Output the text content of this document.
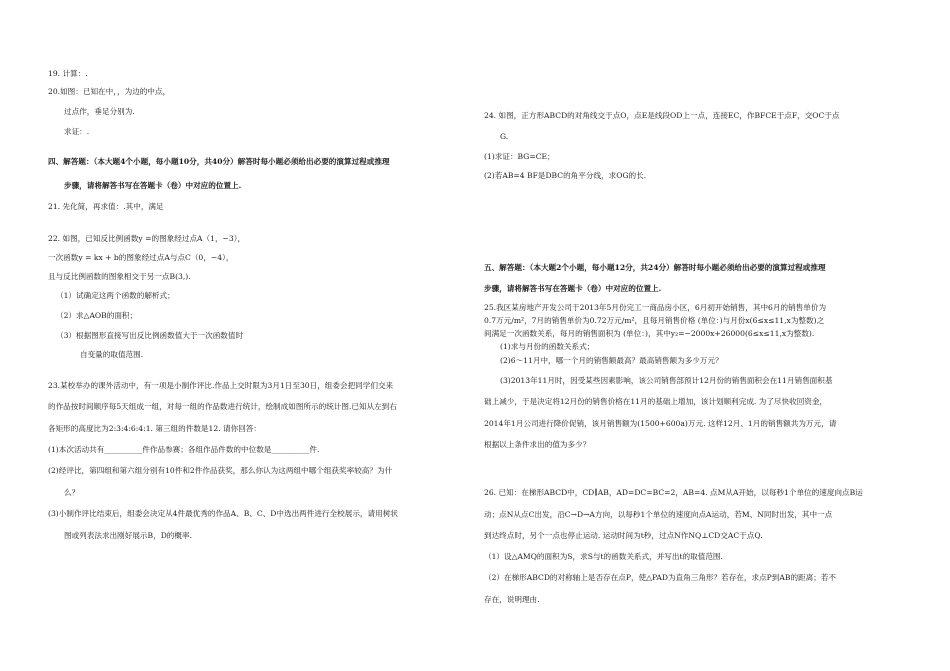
19. 计算：.
20.如图：已知在中，，为边的中点，
过点作，垂足分别为.
求证：.
四、解答题：（本大题4个小题，每小题10分，共40分）解答时每小题必须给出必要的演算过程或推理
步骤，请将解答书写在答题卡（卷）中对应的位置上.
21. 先化简，再求值：.其中，满足
22. 如图，已知反比例函数y =的图象经过点A（1，−3），
一次函数y = kx + b的图象经过点A与点C（0，−4），
且与反比例函数的图象相交于另一点B(3,).
（1）试确定这两个函数的解析式；
（2）求△AOB的面积；
（3）根据图形直接写出反比例函数值大于一次函数值时
自变量的取值范围.
23.某校举办的课外活动中，有一项是小制作评比.作品上交时限为3月1日至30日，组委会把同学们交来
的作品按时间顺序每5天组成一组，对每一组的作品数进行统计，绘制成如图所示的统计图.已知从左到右
各矩形的高度比为2:3:4:6:4:1. 第三组的件数是12. 请你回答：
(1)本次活动共有__________件作品参赛；各组作品件数的中位数是__________件.
(2)经评比，第四组和第六组分别有10件和2件作品获奖，那么你认为这两组中哪个组获奖率较高？为什
么？
(3)小制作评比结束后，组委会决定从4件最优秀的作品A、B、C、D中选出两件进行全校展示，请用树状
图或列表法求出刚好展示B，D的概率.
24. 如图，正方形ABCD的对角线交于点O，点E是线段OD上一点，连接EC，作BFCE于点F，交OC于点
G.
(1)求证：BG=CE；
(2)若AB=4 BF是DBC的角平分线，求OG的长.
五、解答题：（本大题2个小题，每小题12分，共24分）解答时每小题必须给出必要的演算过程或推理
步骤，请将解答书写在答题卡（卷）中对应的位置上.
25.我区某房地产开发公司于2013年5月份完工一商品房小区，6月初开始销售，其中6月的销售单价为
0.7万元/m²，7月的销售单价为0.72万元/m²，且每月销售价格 (单位：)与月份x(6≤x≤11,x为整数)之
间满足一次函数关系，每月的销售面积为 (单位：)，其中y₂=−2000x+26000(6≤x≤11,x为整数).
(1)求与月份的函数关系式；
(2)6～11月中，哪一个月的销售额最高？最高销售额为多少万元？
(3)2013年11月时，因受某些因素影响，该公司销售部预计12月份的销售面积会在11月销售面积基
础上减少，于是决定将12月份的销售价格在11月的基础上增加，该计划顺利完成. 为了尽快收回资金，
2014年1月公司进行降价促销，该月销售额为(1500+600a)万元. 这样12月、1月的销售额共为万元，请
根据以上条件求出的值为多少？
26. 已知：在梯形ABCD中，CD∥AB，AD=DC=BC=2，AB=4. 点M从A开始，以每秒1个单位的速度向点B运
动；点N从点C出发，沿C→D→A方向，以每秒1个单位的速度向点A运动，若M、N同时出发，其中一点
到达终点时，另个一点也停止运动. 运动时间为t秒，过点N作NQ⊥CD交AC于点Q.
（1）设△AMQ的面积为S，求S与t的函数关系式，并写出t的取值范围.
（2）在梯形ABCD的对称轴上是否存在点P，使△PAD为直角三角形？若存在，求点P到AB的距离；若不
存在，说明理由.
